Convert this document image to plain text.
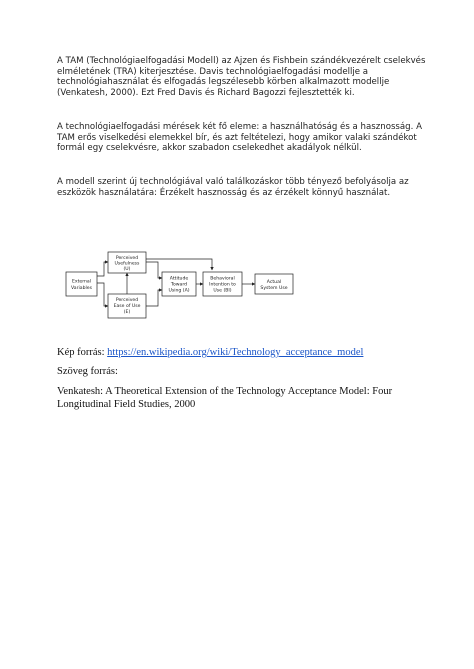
A TAM (Technológiaelfogadási Modell) az Ajzen és Fishbein szándékvezérelt cselekvés elméletének (TRA) kiterjesztése. Davis technológiaelfogadási modellje a technológiahasználat és elfogadás legszélesebb körben alkalmazott modellje (Venkatesh, 2000). Ezt Fred Davis és Richard Bagozzi fejlesztették ki.

A technológiaelfogadási mérések két fő eleme: a használhatóság és a hasznosság. A TAM erős viselkedési elemekkel bír, és azt feltételezi, hogy amikor valaki szándékot formál egy cselekvésre, akkor szabadon cselekedhet akadályok nélkül.

A modell szerint új technológiával való találkozáskor több tényező befolyásolja az eszközök használatára: Érzékelt hasznosság és az érzékelt könnyű használat.

External
Variables
Perceived
Usefulness
(U)
Perceived
Ease of Use
(E)
Attitude
Toward
Using (A)
Behavioral
Intention to
Use (BI)
Actual
System Use

Kép forrás: https://en.wikipedia.org/wiki/Technology_acceptance_model

Szöveg forrás:

Venkatesh: A Theoretical Extension of the Technology Acceptance Model: Four Longitudinal Field Studies, 2000
